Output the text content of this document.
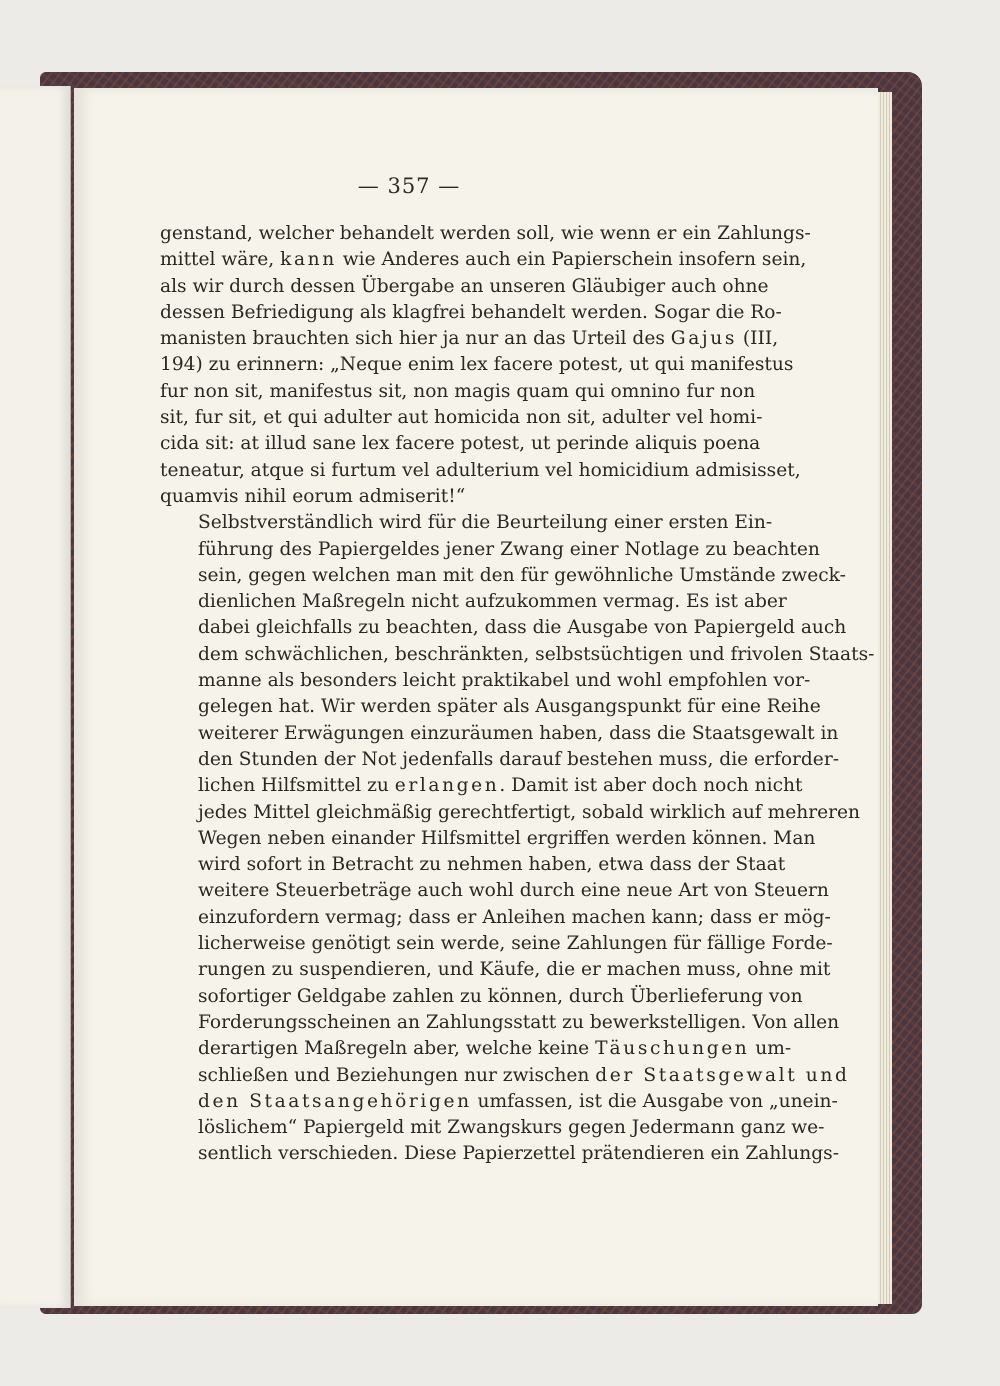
— 357 —

genstand, welcher behandelt werden soll, wie wenn er ein Zahlungs-
mittel wäre, kann wie Anderes auch ein Papierschein insofern sein,
als wir durch dessen Übergabe an unseren Gläubiger auch ohne
dessen Befriedigung als klagfrei behandelt werden. Sogar die Ro-
manisten brauchten sich hier ja nur an das Urteil des Gajus (III,
194) zu erinnern: „Neque enim lex facere potest, ut qui manifestus
fur non sit, manifestus sit, non magis quam qui omnino fur non
sit, fur sit, et qui adulter aut homicida non sit, adulter vel homi-
cida sit: at illud sane lex facere potest, ut perinde aliquis poena
teneatur, atque si furtum vel adulterium vel homicidium admisisset,
quamvis nihil eorum admiserit!“

Selbstverständlich wird für die Beurteilung einer ersten Ein-
führung des Papiergeldes jener Zwang einer Notlage zu beachten
sein, gegen welchen man mit den für gewöhnliche Umstände zweck-
dienlichen Maßregeln nicht aufzukommen vermag. Es ist aber
dabei gleichfalls zu beachten, dass die Ausgabe von Papiergeld auch
dem schwächlichen, beschränkten, selbstsüchtigen und frivolen Staats-
manne als besonders leicht praktikabel und wohl empfohlen vor-
gelegen hat. Wir werden später als Ausgangspunkt für eine Reihe
weiterer Erwägungen einzuräumen haben, dass die Staatsgewalt in
den Stunden der Not jedenfalls darauf bestehen muss, die erforder-
lichen Hilfsmittel zu erlangen. Damit ist aber doch noch nicht
jedes Mittel gleichmäßig gerechtfertigt, sobald wirklich auf mehreren
Wegen neben einander Hilfsmittel ergriffen werden können. Man
wird sofort in Betracht zu nehmen haben, etwa dass der Staat
weitere Steuerbeträge auch wohl durch eine neue Art von Steuern
einzufordern vermag; dass er Anleihen machen kann; dass er mög-
licherweise genötigt sein werde, seine Zahlungen für fällige Forde-
rungen zu suspendieren, und Käufe, die er machen muss, ohne mit
sofortiger Geldgabe zahlen zu können, durch Überlieferung von
Forderungsscheinen an Zahlungsstatt zu bewerkstelligen. Von allen
derartigen Maßregeln aber, welche keine Täuschungen um-
schließen und Beziehungen nur zwischen der Staatsgewalt und
den Staatsangehörigen umfassen, ist die Ausgabe von „unein-
löslichem“ Papiergeld mit Zwangskurs gegen Jedermann ganz we-
sentlich verschieden. Diese Papierzettel prätendieren ein Zahlungs-
